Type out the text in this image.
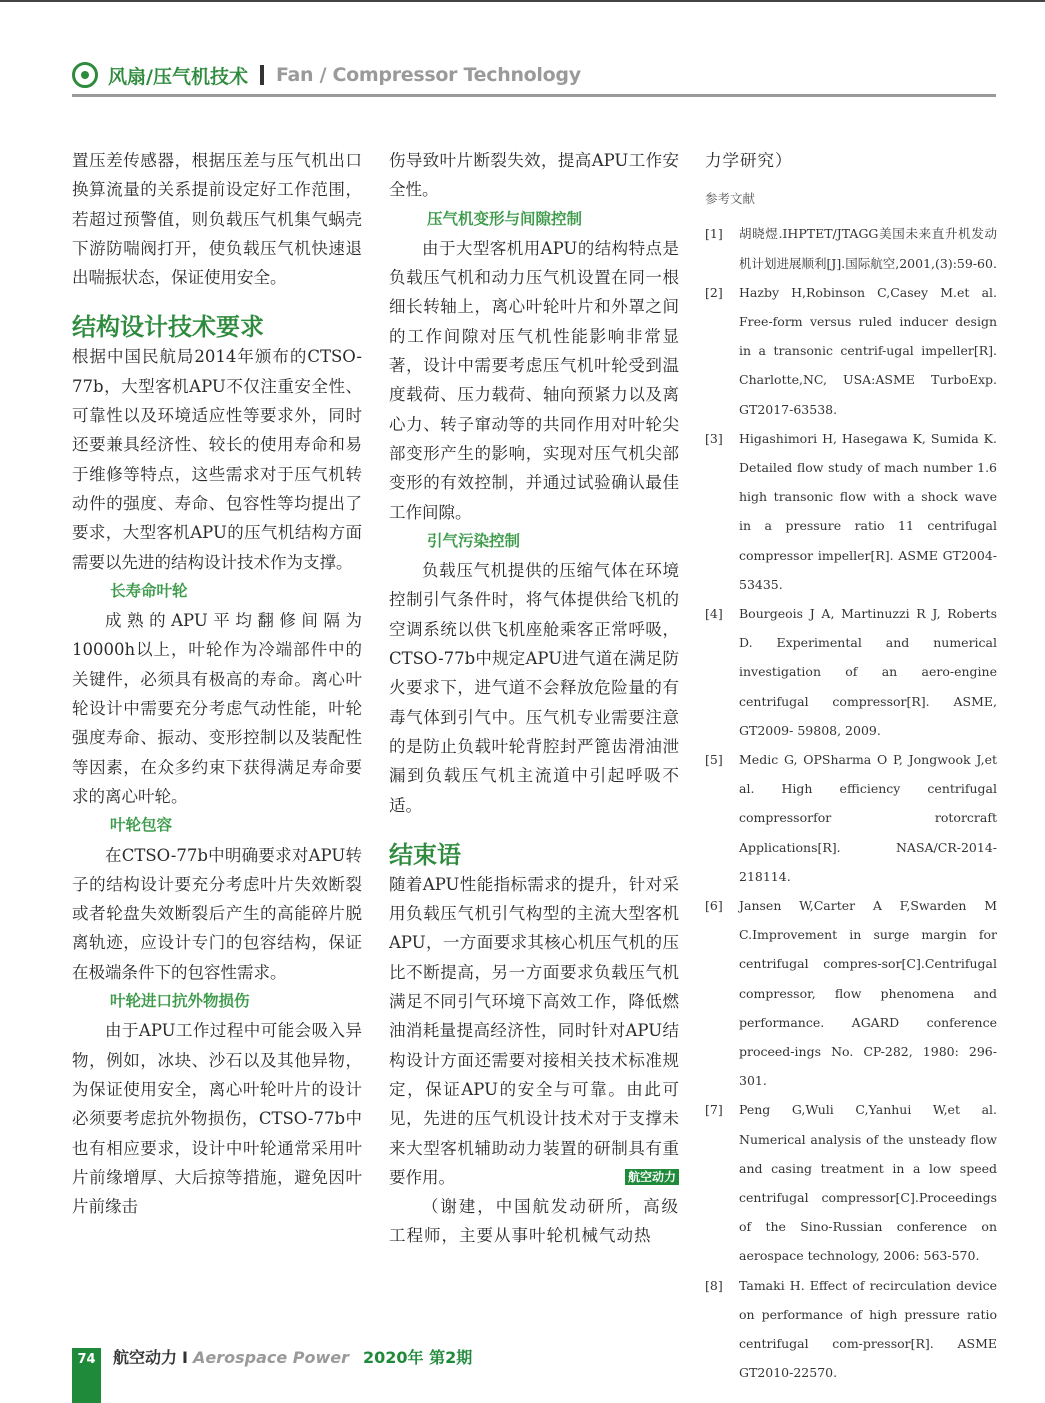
风扇/压气机技术 Fan / Compressor Technology

置压差传感器，根据压差与压气机出口换算流量的关系提前设定好工作范围，若超过预警值，则负载压气机集气蜗壳下游防喘阀打开，使负载压气机快速退出喘振状态，保证使用安全。

结构设计技术要求

根据中国民航局2014年颁布的CTSO-77b，大型客机APU不仅注重安全性、可靠性以及环境适应性等要求外，同时还要兼具经济性、较长的使用寿命和易于维修等特点，这些需求对于压气机转动件的强度、寿命、包容性等均提出了要求，大型客机APU的压气机结构方面需要以先进的结构设计技术作为支撑。

长寿命叶轮

成熟的APU平均翻修间隔为10000h以上，叶轮作为冷端部件中的关键件，必须具有极高的寿命。离心叶轮设计中需要充分考虑气动性能，叶轮强度寿命、振动、变形控制以及装配性等因素，在众多约束下获得满足寿命要求的离心叶轮。

叶轮包容

在CTSO-77b中明确要求对APU转子的结构设计要充分考虑叶片失效断裂或者轮盘失效断裂后产生的高能碎片脱离轨迹，应设计专门的包容结构，保证在极端条件下的包容性需求。

叶轮进口抗外物损伤

由于APU工作过程中可能会吸入异物，例如，冰块、沙石以及其他异物，为保证使用安全，离心叶轮叶片的设计必须要考虑抗外物损伤，CTSO-77b中也有相应要求，设计中叶轮通常采用叶片前缘增厚、大后掠等措施，避免因叶片前缘击

伤导致叶片断裂失效，提高APU工作安全性。

压气机变形与间隙控制

由于大型客机用APU的结构特点是负载压气机和动力压气机设置在同一根细长转轴上，离心叶轮叶片和外罩之间的工作间隙对压气机性能影响非常显著，设计中需要考虑压气机叶轮受到温度载荷、压力载荷、轴向预紧力以及离心力、转子窜动等的共同作用对叶轮尖部变形产生的影响，实现对压气机尖部变形的有效控制，并通过试验确认最佳工作间隙。

引气污染控制

负载压气机提供的压缩气体在环境控制引气条件时，将气体提供给飞机的空调系统以供飞机座舱乘客正常呼吸，CTSO-77b中规定APU进气道在满足防火要求下，进气道不会释放危险量的有毒气体到引气中。压气机专业需要注意的是防止负载叶轮背腔封严篦齿滑油泄漏到负载压气机主流道中引起呼吸不适。

结束语

随着APU性能指标需求的提升，针对采用负载压气机引气构型的主流大型客机APU，一方面要求其核心机压气机的压比不断提高，另一方面要求负载压气机满足不同引气环境下高效工作，降低燃油消耗量提高经济性，同时针对APU结构设计方面还需要对接相关技术标准规定，保证APU的安全与可靠。由此可见，先进的压气机设计技术对于支撑未来大型客机辅助动力装置的研制具有重要作用。	航空动力

（谢建，中国航发动研所，高级工程师，主要从事叶轮机械气动热

力学研究）

参考文献
[1]	胡晓煜.IHPTET/JTAGG美国未来直升机发动机计划进展顺利[J].国际航空,2001,(3):59-60.
[2]	Hazby H,Robinson C,Casey M.et al. Free-form versus ruled inducer design in a transonic centrif-ugal impeller[R]. Charlotte,NC, USA:ASME TurboExp. GT2017-63538.
[3]	Higashimori H, Hasegawa K, Sumida K. Detailed flow study of mach number 1.6 high transonic flow with a shock wave in a pressure ratio 11 centrifugal compressor impeller[R]. ASME GT2004-53435.
[4]	Bourgeois J A, Martinuzzi R J, Roberts D. Experimental and numerical investigation of an aero-engine centrifugal compressor[R]. ASME, GT2009- 59808, 2009.
[5]	Medic G, OPSharma O P, Jongwook J,et al. High efficiency centrifugal compressorfor rotorcraft Applications[R]. NASA/CR-2014-218114.
[6]	Jansen W,Carter A F,Swarden M C.Improvement in surge margin for centrifugal compres-sor[C].Centrifugal compressor, flow phenomena and performance. AGARD conference proceed-ings No. CP-282, 1980: 296-301.
[7]	Peng G,Wuli C,Yanhui W,et al. Numerical analysis of the unsteady flow and casing treatment in a low speed centrifugal compressor[C].Proceedings of the Sino-Russian conference on aerospace technology, 2006: 563-570.
[8]	Tamaki H. Effect of recirculation device on performance of high pressure ratio centrifugal com-pressor[R]. ASME GT2010-22570.
74	航空动力 I Aerospace Power 2020年 第2期
